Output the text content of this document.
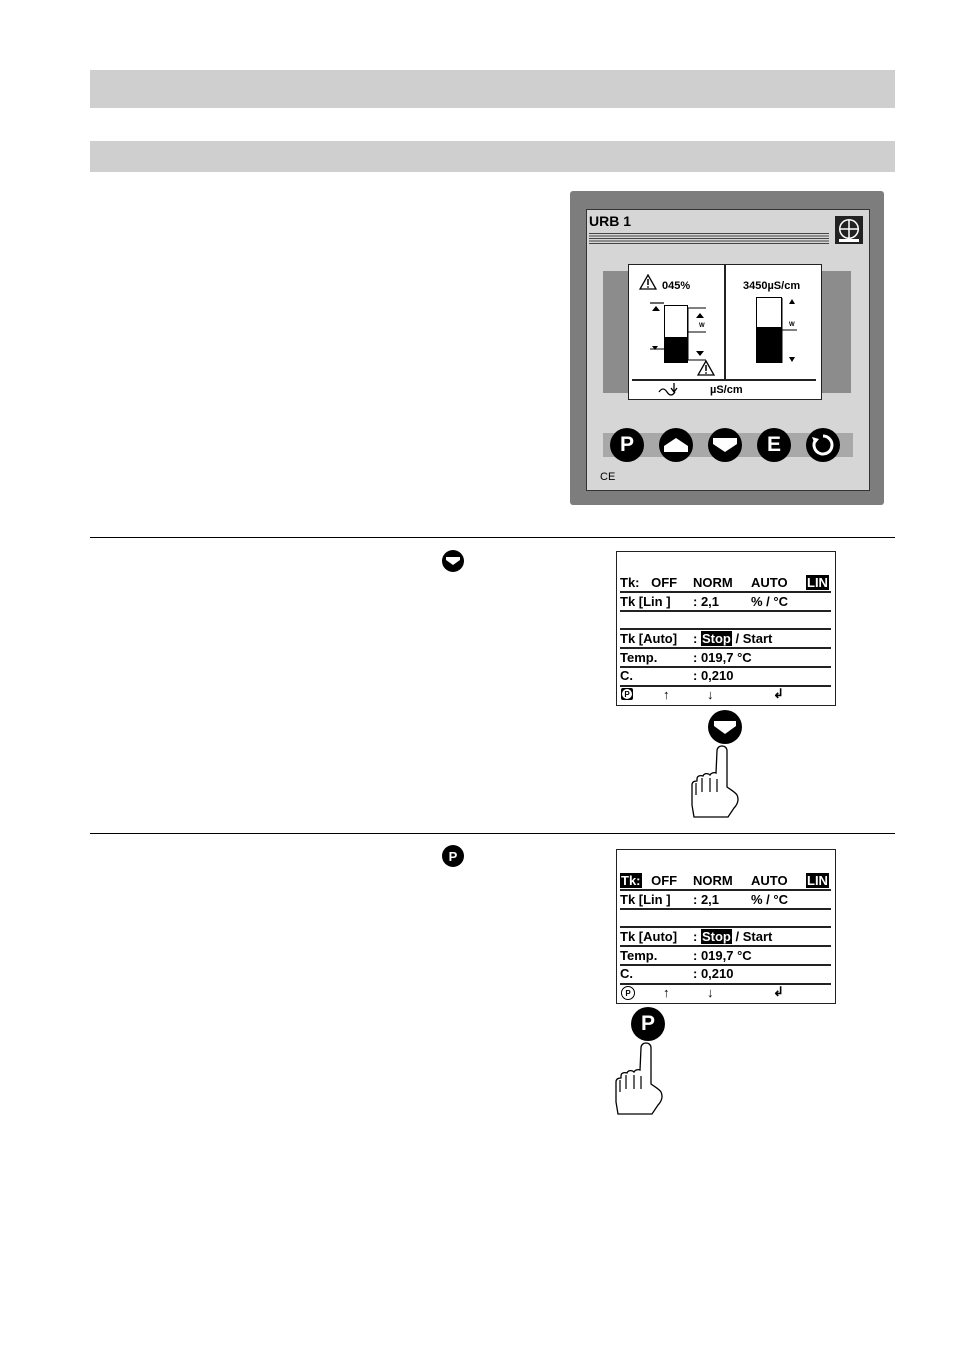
URB 1
045%
W
3450µS/cm
W
µS/cm
P	E
CE
Tk: OFF NORM AUTO LIN
Tk [Lin ] : 2,1 % / °C
Tk [Auto] : Stop / Start
Temp.	: 019,7 °C
C.	: 0,210
P	↑	↓	↲
P
Tk: OFF NORM AUTO LIN
Tk [Lin ] : 2,1 % / °C
Tk [Auto] : Stop / Start
Temp.	: 019,7 °C
C.	: 0,210
P ↑	↓	↲
P
